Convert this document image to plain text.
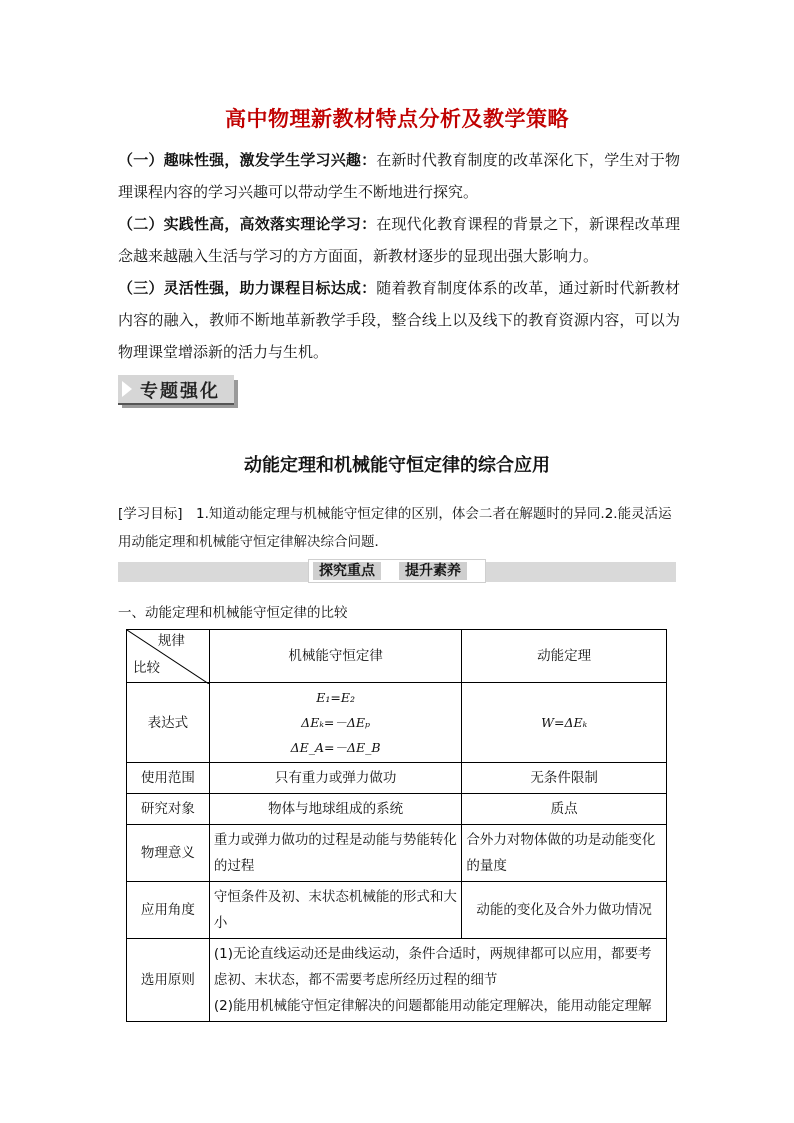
高中物理新教材特点分析及教学策略
（一）趣味性强，激发学生学习兴趣：在新时代教育制度的改革深化下，学生对于物理课程内容的学习兴趣可以带动学生不断地进行探究。
（二）实践性高，高效落实理论学习：在现代化教育课程的背景之下，新课程改革理念越来越融入生活与学习的方方面面，新教材逐步的显现出强大影响力。
（三）灵活性强，助力课程目标达成：随着教育制度体系的改革，通过新时代新教材内容的融入，教师不断地革新教学手段，整合线上以及线下的教育资源内容，可以为物理课堂增添新的活力与生机。
专题强化
动能定理和机械能守恒定律的综合应用
[学习目标]　1.知道动能定理与机械能守恒定律的区别，体会二者在解题时的异同.2.能灵活运用动能定理和机械能守恒定律解决综合问题．
探究重点	提升素养
一、动能定理和机械能守恒定律的比较
规律
比较	机械能守恒定律	动能定理
表达式	E₁=E₂
ΔEₖ=－ΔEₚ
ΔE_A=－ΔE_B	W=ΔEₖ
使用范围	只有重力或弹力做功	无条件限制
研究对象	物体与地球组成的系统	质点
物理意义	重力或弹力做功的过程是动能与势能转化的过程	合外力对物体做的功是动能变化的量度
应用角度	守恒条件及初、末状态机械能的形式和大小	动能的变化及合外力做功情况
选用原则	(1)无论直线运动还是曲线运动，条件合适时，两规律都可以应用，都要考虑初、末状态，都不需要考虑所经历过程的细节
(2)能用机械能守恒定律解决的问题都能用动能定理解决，能用动能定理解	
